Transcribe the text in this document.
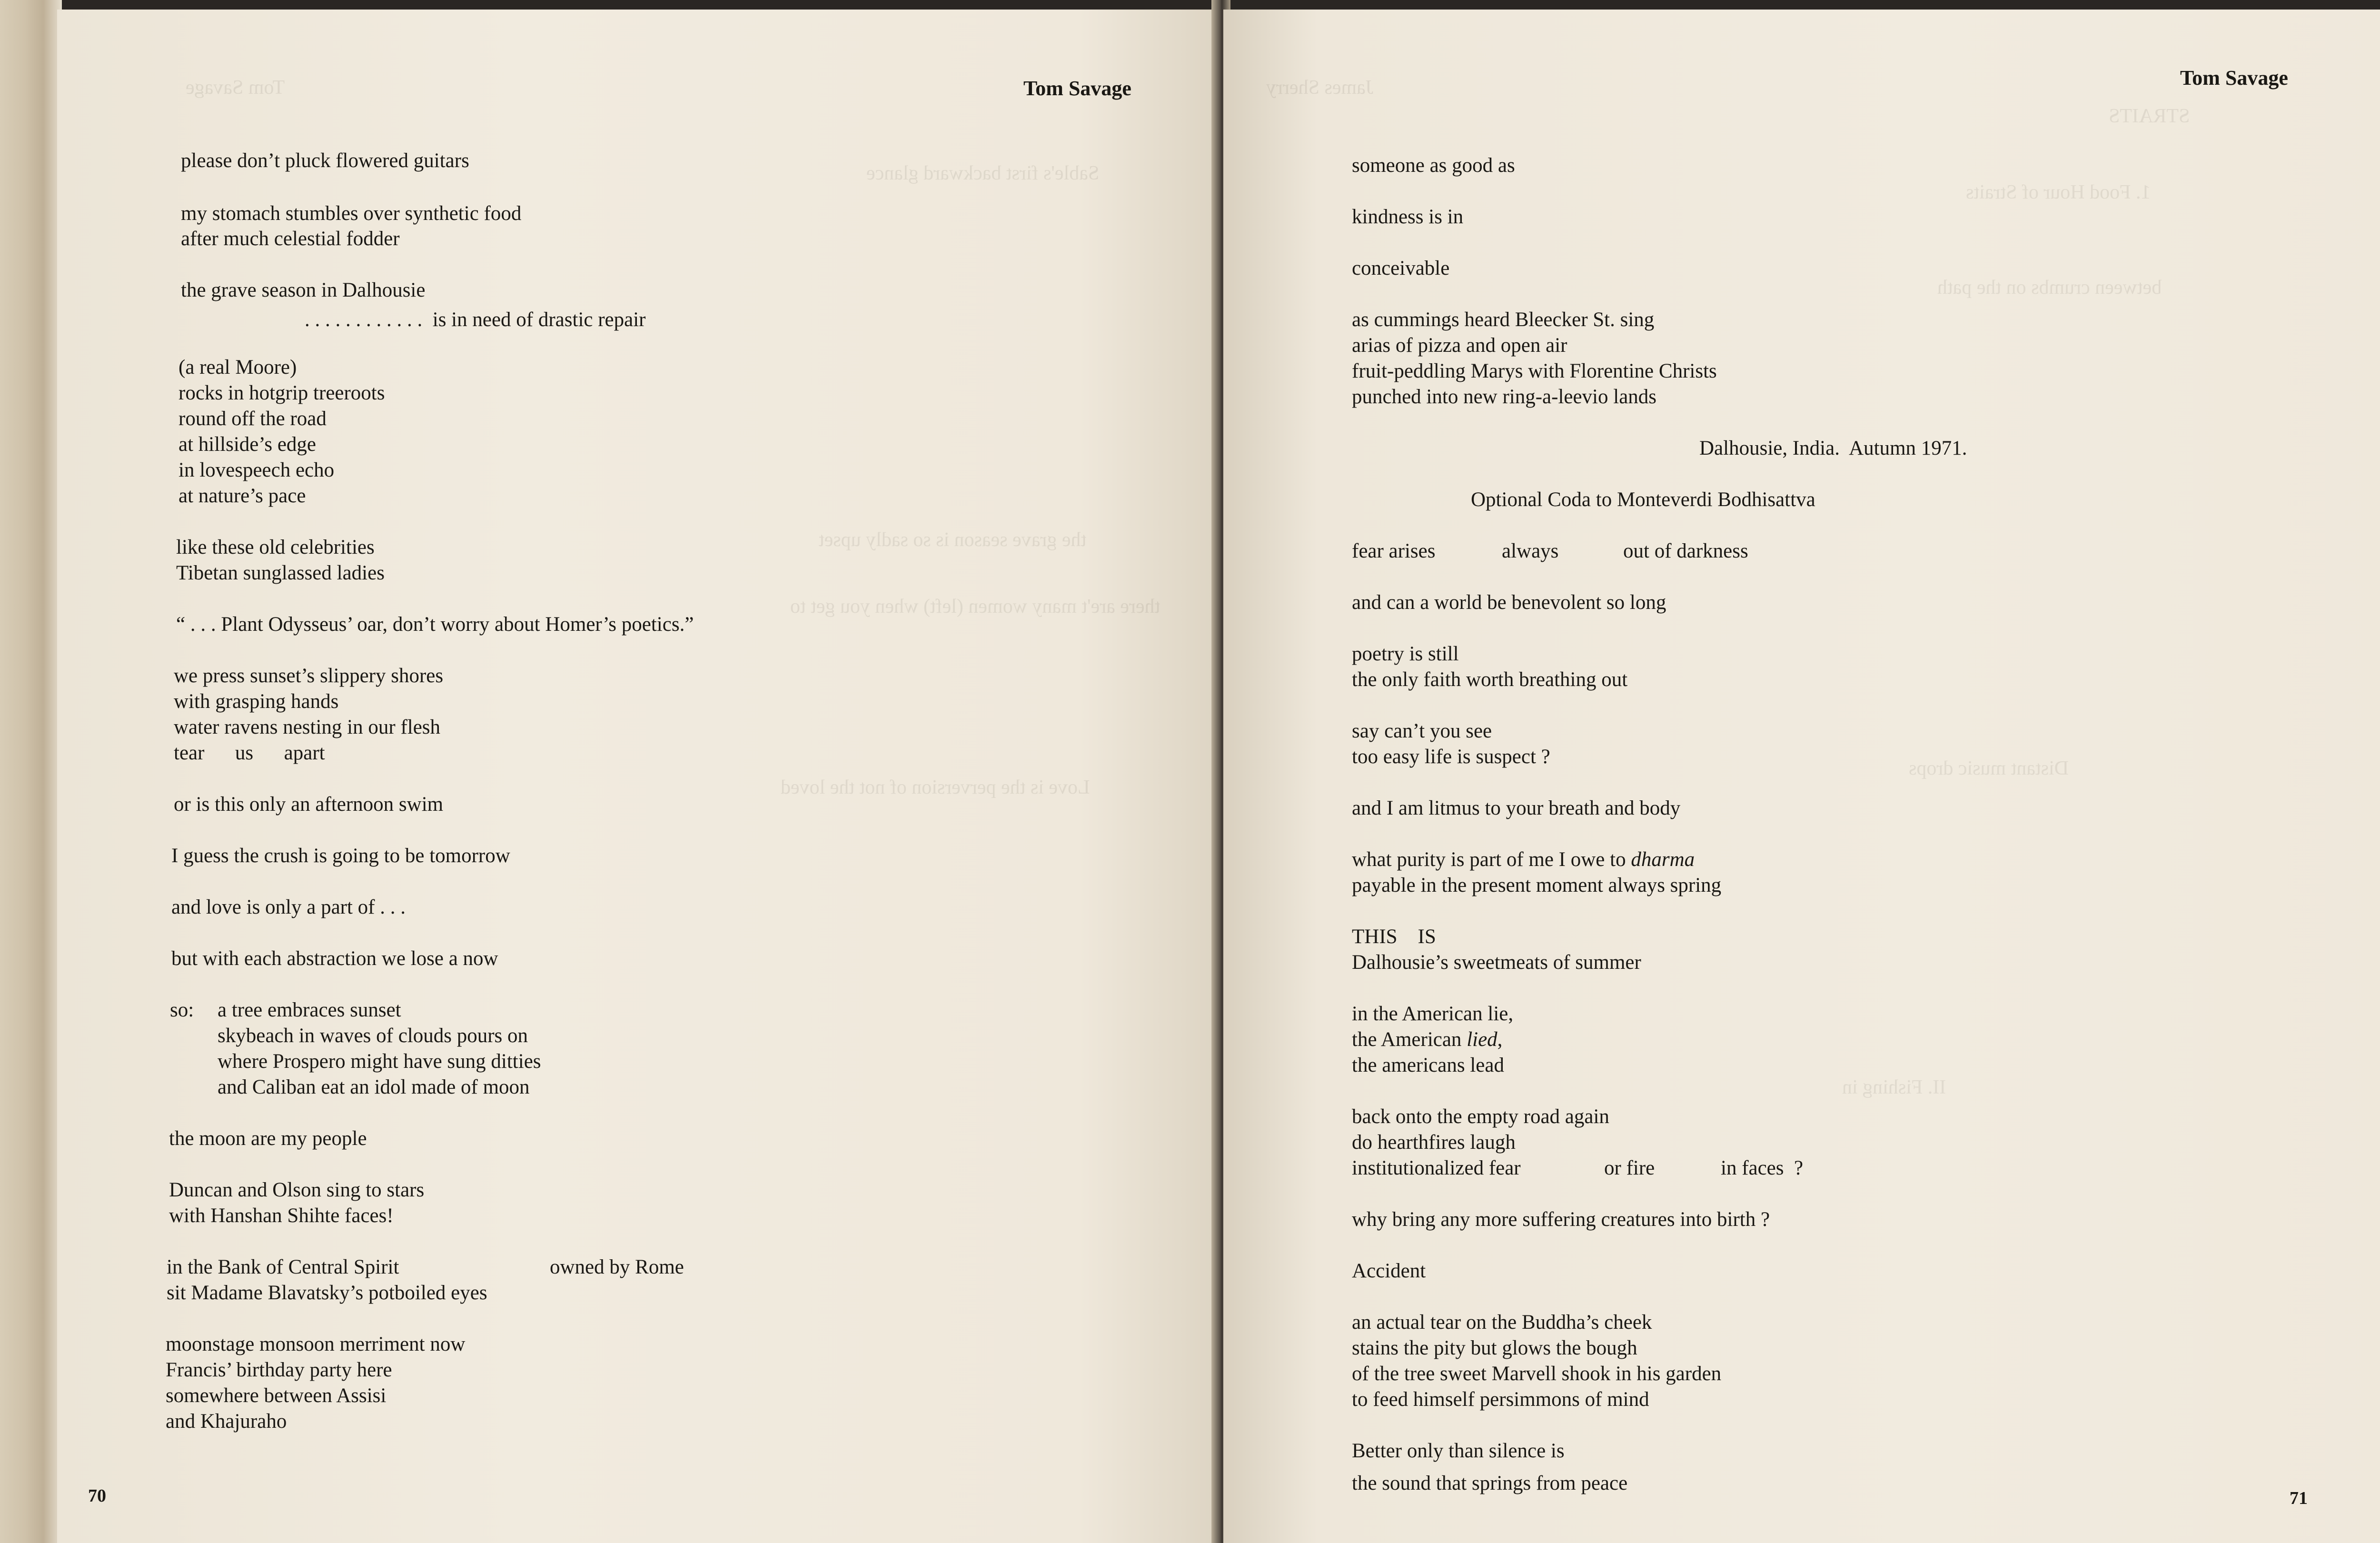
Tom Savage
Sable's first backward glance
the grave season is so sadly upset
there are't many women (left) when you get to
Love is the perversion of not the loved
Tom Savage
please don’t pluck flowered guitars
my stomach stumbles over synthetic food
after much celestial fodder
the grave season in Dalhousie
. . . . . . . . . . . .  is in need of drastic repair
(a real Moore)
rocks in hotgrip treeroots
round off the road
at hillside’s edge
in lovespeech echo
at nature’s pace
like these old celebrities
Tibetan sunglassed ladies
“ . . . Plant Odysseus’ oar, don’t worry about Homer’s poetics.”
we press sunset’s slippery shores
with grasping hands
water ravens nesting in our flesh
tear      us      apart
or is this only an afternoon swim
I guess the crush is going to be tomorrow
and love is only a part of . . .
but with each abstraction we lose a now
so: a tree embraces sunset
skybeach in waves of clouds pours on
where Prospero might have sung ditties
and Caliban eat an idol made of moon
the moon are my people
Duncan and Olson sing to stars
with Hanshan Shihte faces!
in the Bank of Central Spirit	owned by Rome
sit Madame Blavatsky’s potboiled eyes
moonstage monsoon merriment now
Francis’ birthday party here
somewhere between Assisi
and Khajuraho
70
James Sherry
STRAITS
1. Food Hour of Straits
between crumbs on the path
Distant music drops
II. Fishing in
Tom Savage
someone as good as
kindness is in
conceivable
as cummings heard Bleecker St. sing
arias of pizza and open air
fruit-peddling Marys with Florentine Christs
punched into new ring-a-leevio lands
Dalhousie, India.  Autumn 1971.
Optional Coda to Monteverdi Bodhisattva
fear arises	always	out of darkness
and can a world be benevolent so long
poetry is still
the only faith worth breathing out
say can’t you see
too easy life is suspect ?
and I am litmus to your breath and body
what purity is part of me I owe to dharma
payable in the present moment always spring
THIS    IS
Dalhousie’s sweetmeats of summer
in the American lie,
the American lied,
the americans lead
back onto the empty road again
do hearthfires laugh
institutionalized fear	or fire	in faces  ?
why bring any more suffering creatures into birth ?
Accident
an actual tear on the Buddha’s cheek
stains the pity but glows the bough
of the tree sweet Marvell shook in his garden
to feed himself persimmons of mind
Better only than silence is
the sound that springs from peace
71
